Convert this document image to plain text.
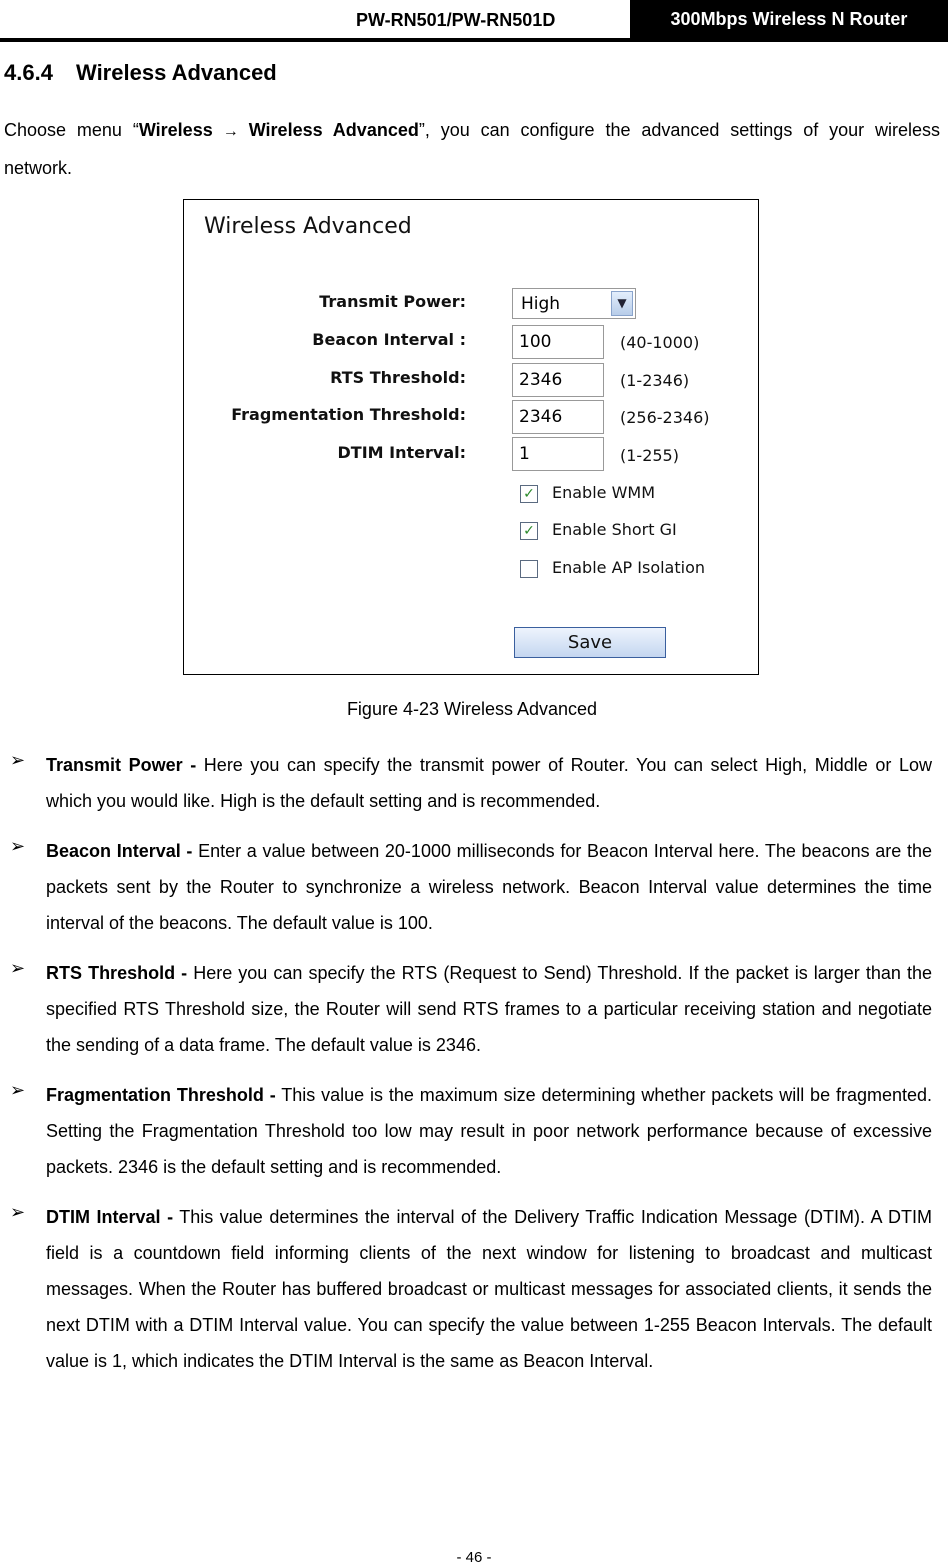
PW-RN501/PW-RN501D	300Mbps Wireless N Router
4.6.4 Wireless Advanced
Choose menu “Wireless → Wireless Advanced”, you can configure the advanced settings of your wireless network.
Wireless Advanced
Transmit Power:	High	▼
Beacon Interval :	100	(40-1000)
RTS Threshold:	2346	(1-2346)
Fragmentation Threshold:	2346	(256-2346)
DTIM Interval:	1	(1-255)
✓ Enable WMM
✓ Enable Short GI
Enable AP Isolation
Save
Figure 4-23 Wireless Advanced
➢ Transmit Power - Here you can specify the transmit power of Router. You can select High, Middle or Low which you would like. High is the default setting and is recommended.
➢ Beacon Interval - Enter a value between 20-1000 milliseconds for Beacon Interval here. The beacons are the packets sent by the Router to synchronize a wireless network. Beacon Interval value determines the time interval of the beacons. The default value is 100.
➢ RTS Threshold - Here you can specify the RTS (Request to Send) Threshold. If the packet is larger than the specified RTS Threshold size, the Router will send RTS frames to a particular receiving station and negotiate the sending of a data frame. The default value is 2346.
➢ Fragmentation Threshold - This value is the maximum size determining whether packets will be fragmented. Setting the Fragmentation Threshold too low may result in poor network performance because of excessive packets. 2346 is the default setting and is recommended.
➢ DTIM Interval - This value determines the interval of the Delivery Traffic Indication Message (DTIM). A DTIM field is a countdown field informing clients of the next window for listening to broadcast and multicast messages. When the Router has buffered broadcast or multicast messages for associated clients, it sends the next DTIM with a DTIM Interval value. You can specify the value between 1-255 Beacon Intervals. The default value is 1, which indicates the DTIM Interval is the same as Beacon Interval.
- 46 -
